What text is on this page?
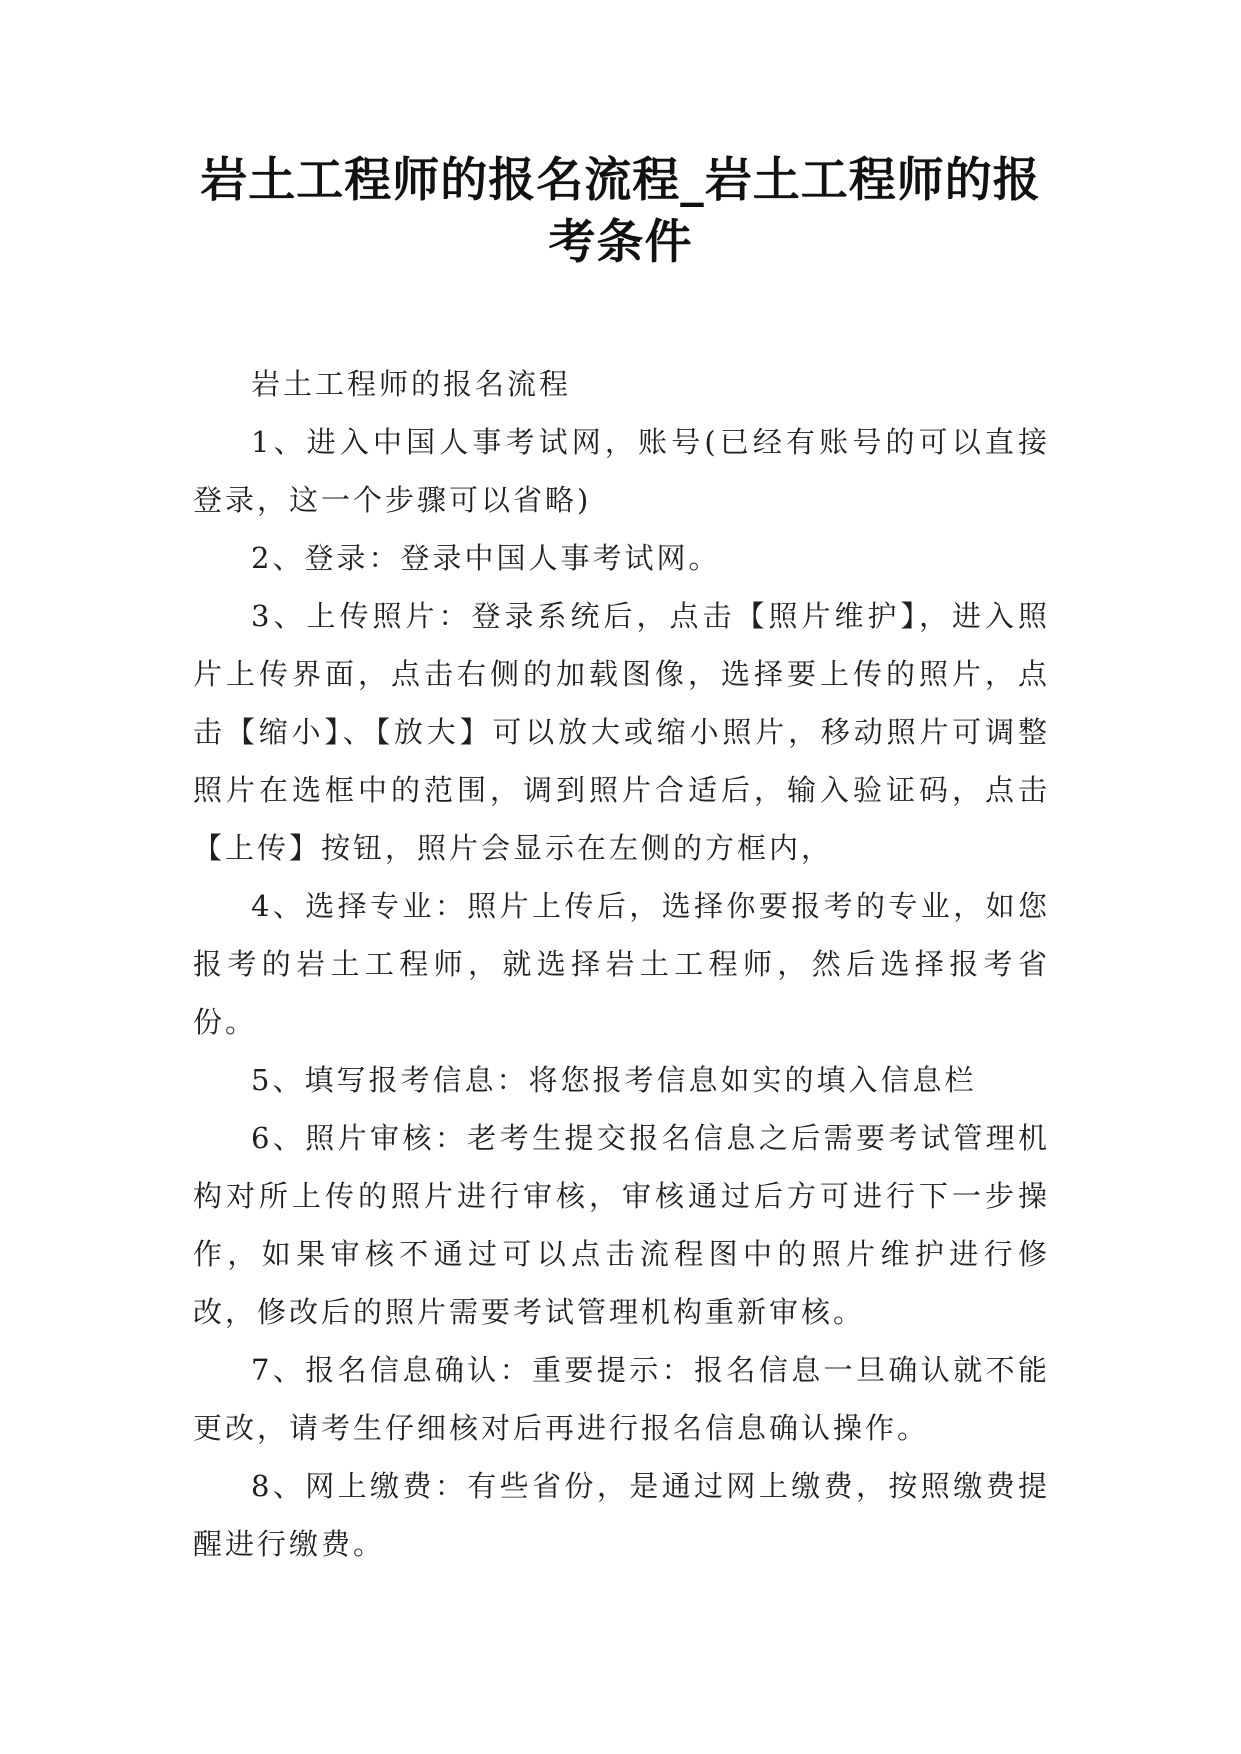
岩土工程师的报名流程_岩土工程师的报考条件

岩土工程师的报名流程

1、进入中国人事考试网，账号(已经有账号的可以直接登录，这一个步骤可以省略)

2、登录：登录中国人事考试网。

3、上传照片：登录系统后，点击【照片维护】，进入照片上传界面，点击右侧的加载图像，选择要上传的照片，点击【缩小】、【放大】可以放大或缩小照片，移动照片可调整照片在选框中的范围，调到照片合适后，输入验证码，点击【上传】按钮，照片会显示在左侧的方框内，

4、选择专业：照片上传后，选择你要报考的专业，如您报考的岩土工程师，就选择岩土工程师，然后选择报考省份。

5、填写报考信息：将您报考信息如实的填入信息栏

6、照片审核：老考生提交报名信息之后需要考试管理机构对所上传的照片进行审核，审核通过后方可进行下一步操作，如果审核不通过可以点击流程图中的照片维护进行修改，修改后的照片需要考试管理机构重新审核。

7、报名信息确认：重要提示：报名信息一旦确认就不能更改，请考生仔细核对后再进行报名信息确认操作。

8、网上缴费：有些省份，是通过网上缴费，按照缴费提醒进行缴费。
